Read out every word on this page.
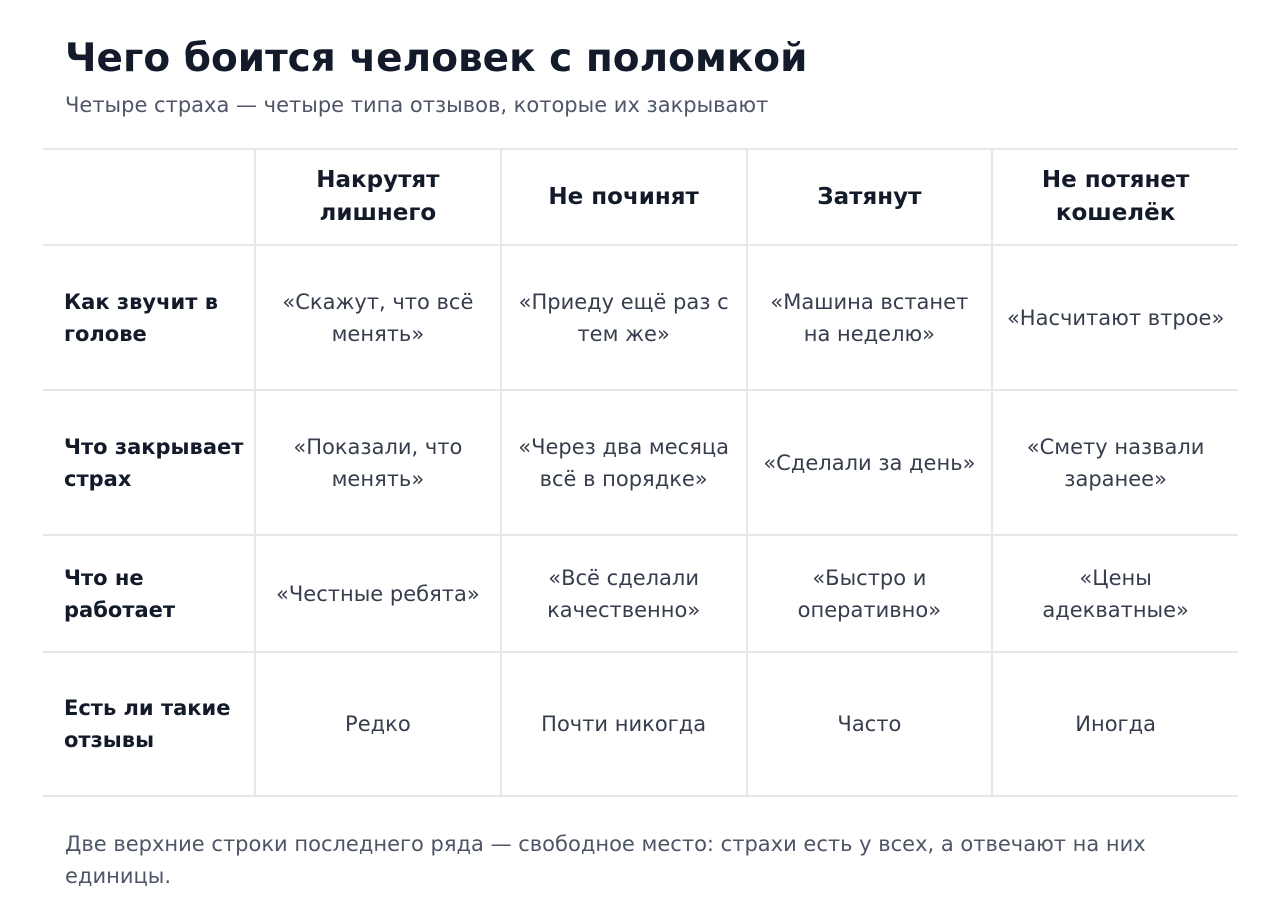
Чего боится человек с поломкой

Четыре страха — четыре типа отзывов, которые их закрывают

	Накрутят лишнего	Не починят	Затянут	Не потянет кошелёк
Как звучит в голове	«Скажут, что всё менять»	«Приеду ещё раз с тем же»	«Машина встанет на неделю»	«Насчитают втрое»
Что закрывает страх	«Показали, что менять»	«Через два месяца всё в порядке»	«Сделали за день»	«Смету назвали заранее»
Что не работает	«Честные ребята»	«Всё сделали качественно»	«Быстро и оперативно»	«Цены адекватные»
Есть ли такие отзывы	Редко	Почти никогда	Часто	Иногда

Две верхние строки последнего ряда — свободное место: страхи есть у всех, а отвечают на них единицы.
